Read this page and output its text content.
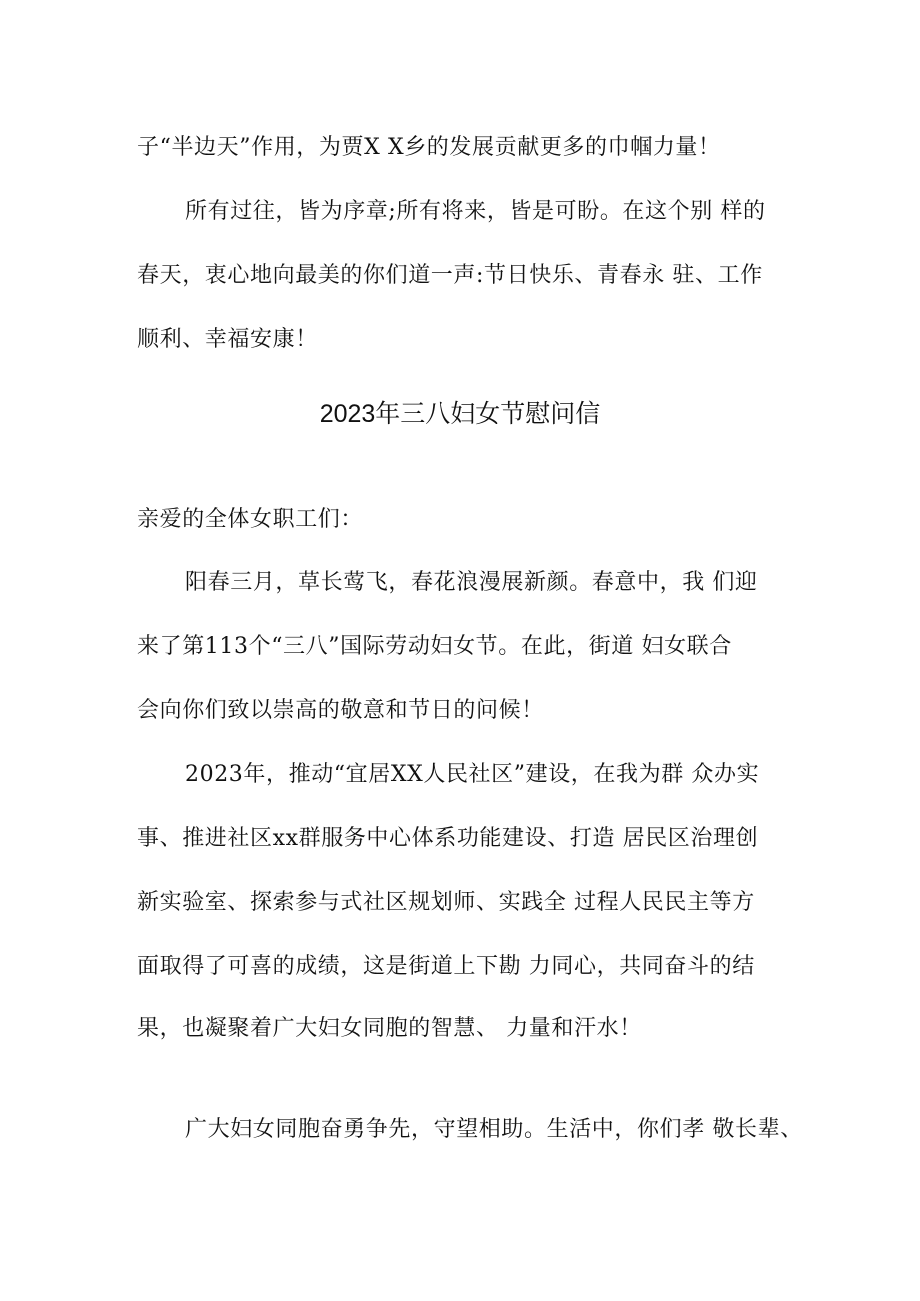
子“半边天”作用，为贾X X乡的发展贡献更多的巾帼力量！
所有过往，皆为序章;所有将来，皆是可盼。在这个别 样的
春天，衷心地向最美的你们道一声:节日快乐、青春永 驻、工作
顺利、幸福安康！
2023年三八妇女节慰问信
亲爱的全体女职工们：
阳春三月，草长莺飞，春花浪漫展新颜。春意中，我 们迎
来了第113个“三八”国际劳动妇女节。在此，街道 妇女联合
会向你们致以崇高的敬意和节日的问候！
2023年，推动“宜居XX人民社区”建设，在我为群 众办实
事、推进社区xx群服务中心体系功能建设、打造 居民区治理创
新实验室、探索参与式社区规划师、实践全 过程人民民主等方
面取得了可喜的成绩，这是街道上下勘 力同心，共同奋斗的结
果，也凝聚着广大妇女同胞的智慧、 力量和汗水！
广大妇女同胞奋勇争先，守望相助。生活中，你们孝 敬长辈、
